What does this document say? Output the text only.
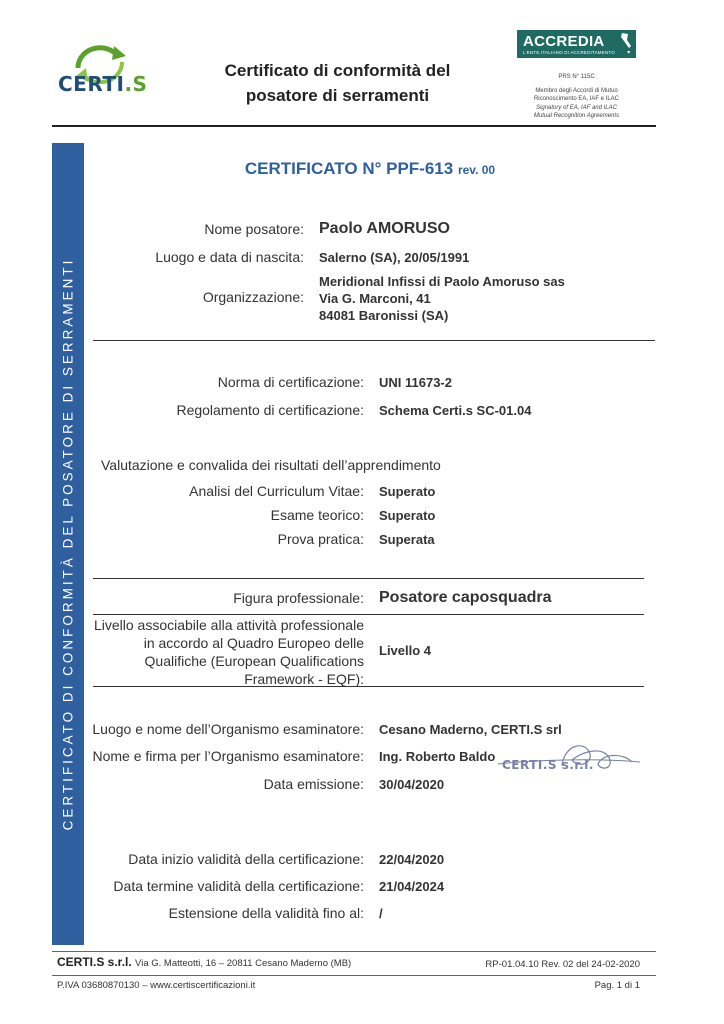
CERTI.S
Certificato di conformità del
posatore di serramenti
ACCREDIA
L'ENTE ITALIANO DI ACCREDITAMENTO
PRS N° 115C
Membro degli Accordi di Mutuo
Riconoscimento EA, IAF e ILAC
Signatory of EA, IAF and ILAC
Mutual Recognition Agreements
CERTIFICATO DI CONFORMITÀ DEL POSATORE DI SERRAMENTI
CERTIFICATO N° PPF-613 rev. 00
Nome posatore: Paolo AMORUSO
Luogo e data di nascita: Salerno (SA), 20/05/1991
Organizzazione:
Meridional Infissi di Paolo Amoruso sas
Via G. Marconi, 41
84081 Baronissi (SA)
Norma di certificazione: UNI 11673-2
Regolamento di certificazione: Schema Certi.s SC-01.04
Valutazione e convalida dei risultati dell’apprendimento
Analisi del Curriculum Vitae: Superato
Esame teorico: Superato
Prova pratica: Superata
Figura professionale: Posatore caposquadra
Livello associabile alla attività professionale
in accordo al Quadro Europeo delle
Qualifiche (European Qualifications
Framework - EQF):
Livello 4
Luogo e nome dell’Organismo esaminatore: Cesano Maderno, CERTI.S srl
Nome e firma per l’Organismo esaminatore: Ing. Roberto Baldo
CERTI.S s.r.l.
Data emissione: 30/04/2020
Data inizio validità della certificazione: 22/04/2020
Data termine validità della certificazione: 21/04/2024
Estensione della validità fino al: /
CERTI.S s.r.l. Via G. Matteotti, 16 – 20811 Cesano Maderno (MB)	RP-01.04.10 Rev. 02 del 24-02-2020
P.IVA 03680870130 – www.certiscertificazioni.it	Pag. 1 di 1
